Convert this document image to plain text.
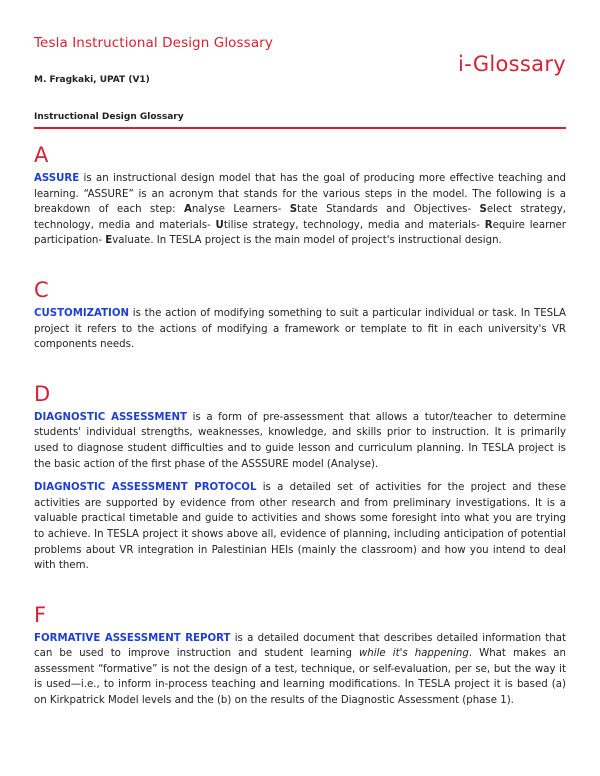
Tesla Instructional Design Glossary
i-Glossary
M. Fragkaki, UPAT (V1)
Instructional Design Glossary
A

ASSURE is an instructional design model that has the goal of producing more effective teaching and learning. “ASSURE” is an acronym that stands for the various steps in the model. The following is a breakdown of each step: Analyse Learners- State Standards and Objectives- Select strategy, technology, media and materials- Utilise strategy, technology, media and materials- Require learner participation- Evaluate. In TESLA project is the main model of project's instructional design.

C

CUSTOMIZATION is the action of modifying something to suit a particular individual or task. In TESLA project it refers to the actions of modifying a framework or template to fit in each university's VR components needs.

D

DIAGNOSTIC ASSESSMENT is a form of pre-assessment that allows a tutor/teacher to determine students' individual strengths, weaknesses, knowledge, and skills prior to instruction. It is primarily used to diagnose student difficulties and to guide lesson and curriculum planning. In TESLA project is the basic action of the first phase of the ASSSURE model (Analyse).

DIAGNOSTIC ASSESSMENT PROTOCOL is a detailed set of activities for the project and these activities are supported by evidence from other research and from preliminary investigations. It is a valuable practical timetable and guide to activities and shows some foresight into what you are trying to achieve. In TESLA project it shows above all, evidence of planning, including anticipation of potential problems about VR integration in Palestinian HEIs (mainly the classroom) and how you intend to deal with them.

F

FORMATIVE ASSESSMENT REPORT is a detailed document that describes detailed information that can be used to improve instruction and student learning while it's happening. What makes an assessment “formative” is not the design of a test, technique, or self-evaluation, per se, but the way it is used—i.e., to inform in-process teaching and learning modifications. In TESLA project it is based (a) on Kirkpatrick Model levels and the (b) on the results of the Diagnostic Assessment (phase 1).
